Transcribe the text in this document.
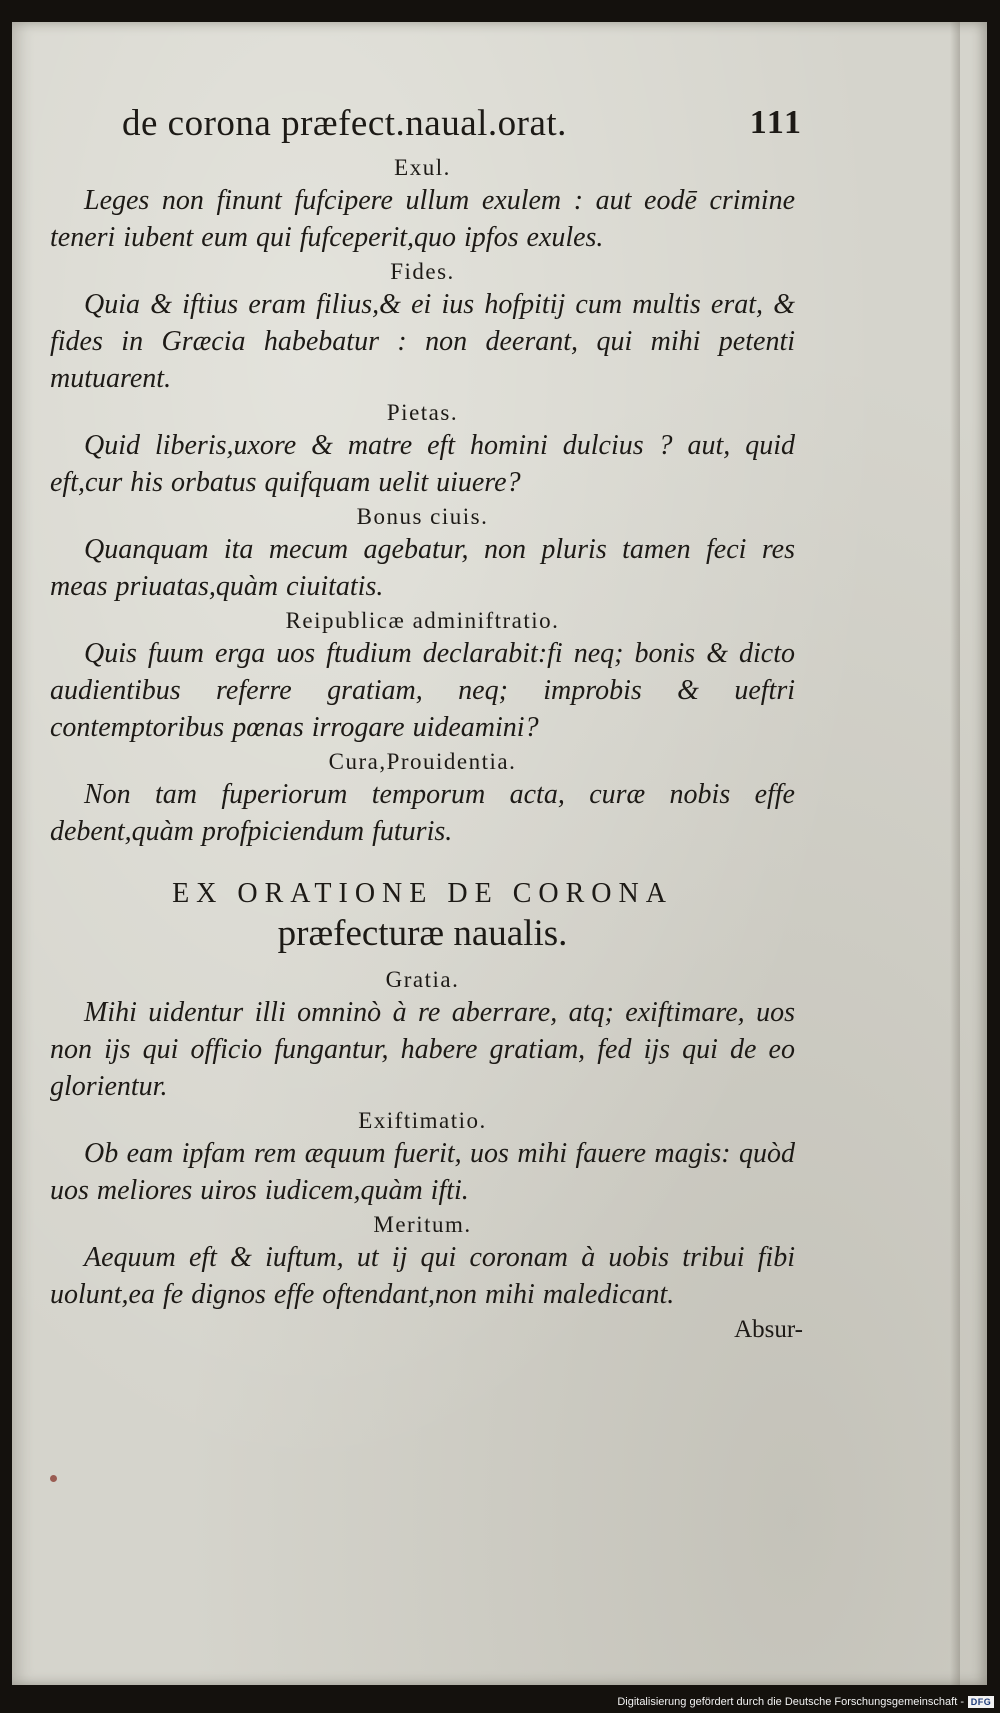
de corona præfect.naual.orat.	111

Exul.

Leges non finunt fufcipere ullum exulem : aut eodē crimine teneri iubent eum qui fufceperit,quo ipfos exules.

Fides.

Quia & iftius eram filius,& ei ius hofpitij cum multis erat, & fides in Græcia habebatur : non deerant, qui mihi petenti mutuarent.

Pietas.

Quid liberis,uxore & matre eft homini dulcius ? aut, quid eft,cur his orbatus quifquam uelit uiuere?

Bonus ciuis.

Quanquam ita mecum agebatur, non pluris tamen feci res meas priuatas,quàm ciuitatis.

Reipublicæ adminiftratio.

Quis fuum erga uos ftudium declarabit:fi neq; bonis & dicto audientibus referre gratiam, neq; improbis & ueftri contemptoribus pœnas irrogare uideamini?

Cura,Prouidentia.

Non tam fuperiorum temporum acta, curæ nobis effe debent,quàm profpiciendum futuris.

EX ORATIONE DE CORONA

præfecturæ naualis.

Gratia.

Mihi uidentur illi omninò à re aberrare, atq; exiftimare, uos non ijs qui officio fungantur, habere gratiam, fed ijs qui de eo glorientur.

Exiftimatio.

Ob eam ipfam rem æquum fuerit, uos mihi fauere magis: quòd uos meliores uiros iudicem,quàm ifti.

Meritum.

Aequum eft & iuftum, ut ij qui coronam à uobis tribui fibi uolunt,ea fe dignos effe oftendant,non mihi maledicant.

Absur-
Digitalisierung gefördert durch die Deutsche Forschungsgemeinschaft - DFG
